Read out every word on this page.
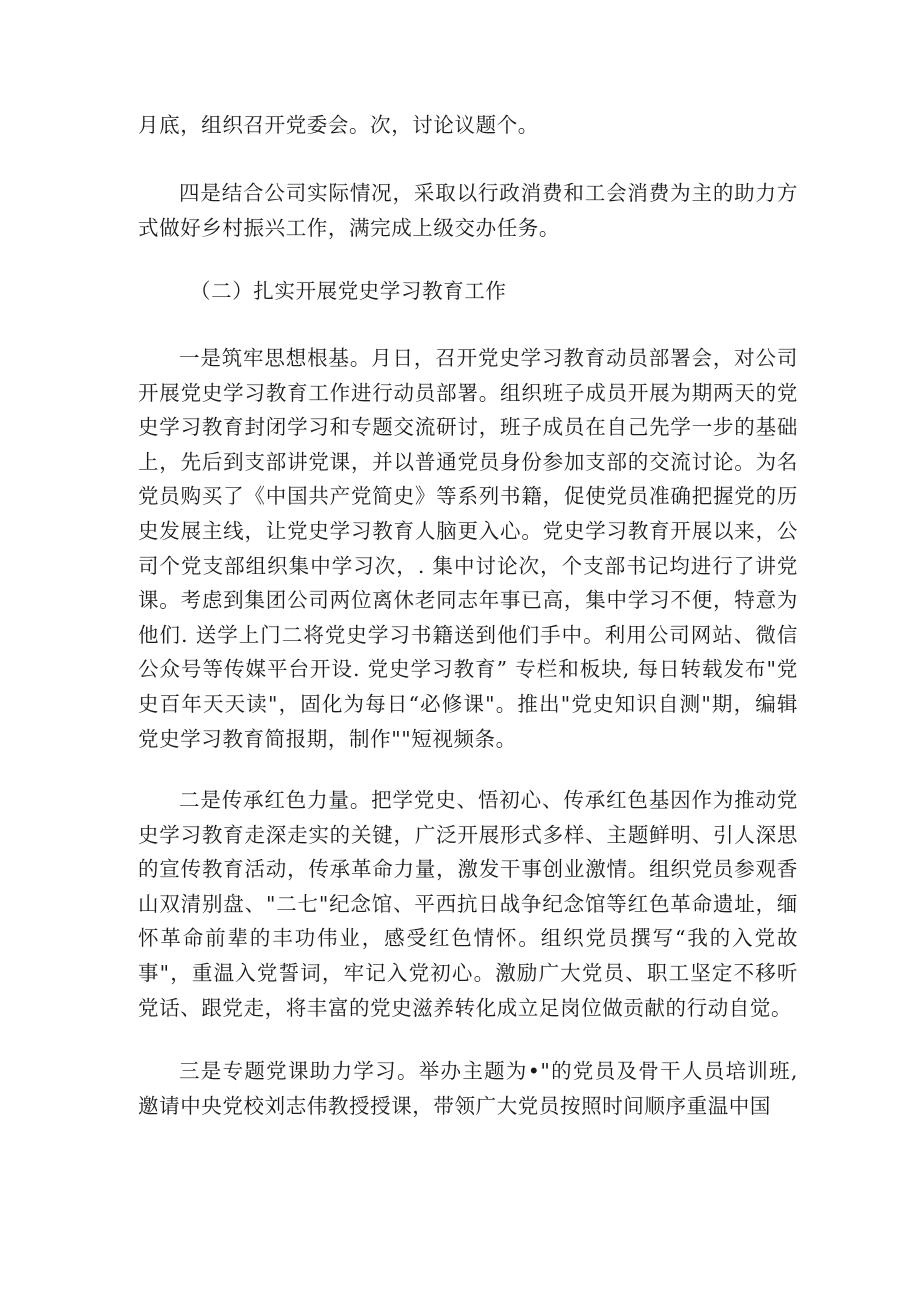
月底，组织召开党委会。次，讨论议题个。

四是结合公司实际情况，采取以行政消费和工会消费为主的助力方式做好乡村振兴工作，满完成上级交办任务。

（二）扎实开展党史学习教育工作

一是筑牢思想根基。月日，召开党史学习教育动员部署会，对公司开展党史学习教育工作进行动员部署。组织班子成员开展为期两天的党史学习教育封闭学习和专题交流研讨，班子成员在自己先学一步的基础上，先后到支部讲党课，并以普通党员身份参加支部的交流讨论。为名党员购买了《中国共产党简史》等系列书籍，促使党员准确把握党的历史发展主线，让党史学习教育人脑更入心。党史学习教育开展以来，公司个党支部组织集中学习次，. 集中讨论次，个支部书记均进行了讲党课。考虑到集团公司两位离休老同志年事已高，集中学习不便，特意为他们. 送学上门二将党史学习书籍送到他们手中。利用公司网站、微信公众号等传媒平台开设. 党史学习教育” 专栏和板块, 每日转载发布"党史百年天天读"，固化为每日“必修课"。推出"党史知识自测"期，编辑党史学习教育简报期，制作""短视频条。

二是传承红色力量。把学党史、悟初心、传承红色基因作为推动党史学习教育走深走实的关键，广泛开展形式多样、主题鲜明、引人深思的宣传教育活动，传承革命力量，激发干事创业激情。组织党员参观香山双清别盘、"二七"纪念馆、平西抗日战争纪念馆等红色革命遗址，缅怀革命前辈的丰功伟业，感受红色情怀。组织党员撰写“我的入党故事"，重温入党誓词，牢记入党初心。激励广大党员、职工坚定不移听党话、跟党走，将丰富的党史滋养转化成立足岗位做贡献的行动自觉。

三是专题党课助力学习。举办主题为•"的党员及骨干人员培训班, 邀请中央党校刘志伟教授授课，带领广大党员按照时间顺序重温中国
